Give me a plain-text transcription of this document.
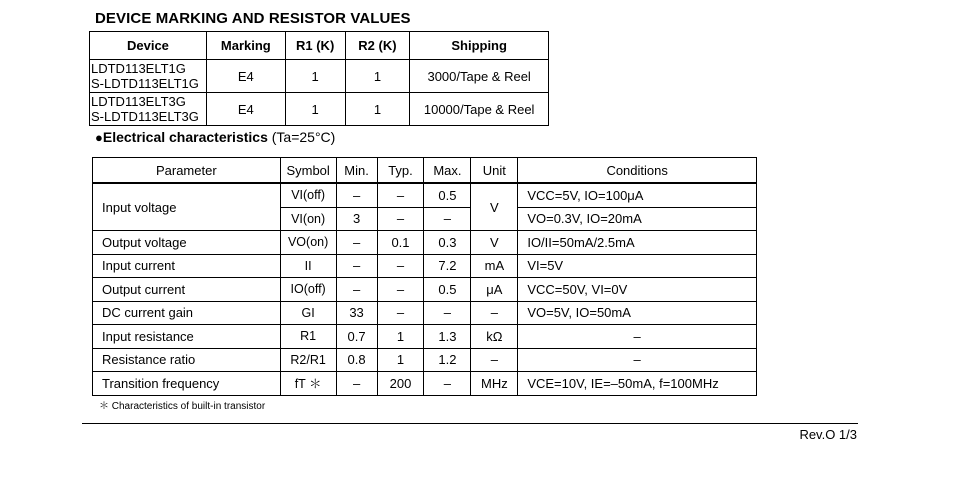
DEVICE MARKING AND RESISTOR VALUES
Device	Marking	R1 (K)	R2 (K)	Shipping

LDTD113ELT1G
S-LDTD113ELT1G	E4	1	1	3000/Tape & Reel

LDTD113ELT3G
S-LDTD113ELT3G	E4	1	1	10000/Tape & Reel
●Electrical characteristics (Ta=25°C)
Parameter	Symbol	Min.	Typ.	Max.	Unit	Conditions
Input voltage	VI(off)	–	–	0.5	V	VCC=5V, IO=100μA
	VI(on)	3	–	–		VO=0.3V, IO=20mA
Output voltage	VO(on)	–	0.1	0.3	V	IO/II=50mA/2.5mA
Input current	II	–	–	7.2	mA	VI=5V
Output current	IO(off)	–	–	0.5	μA	VCC=50V, VI=0V
DC current gain	GI	33	–	–	–	VO=5V, IO=50mA
Input resistance	R1	0.7	1	1.3	kΩ	–
Resistance ratio	R2/R1	0.8	1	1.2	–	–
Transition frequency	fT ＊	–	200	–	MHz	VCE=10V, IE=–50mA, f=100MHz
＊ Characteristics of built-in transistor
Rev.O 1/3
